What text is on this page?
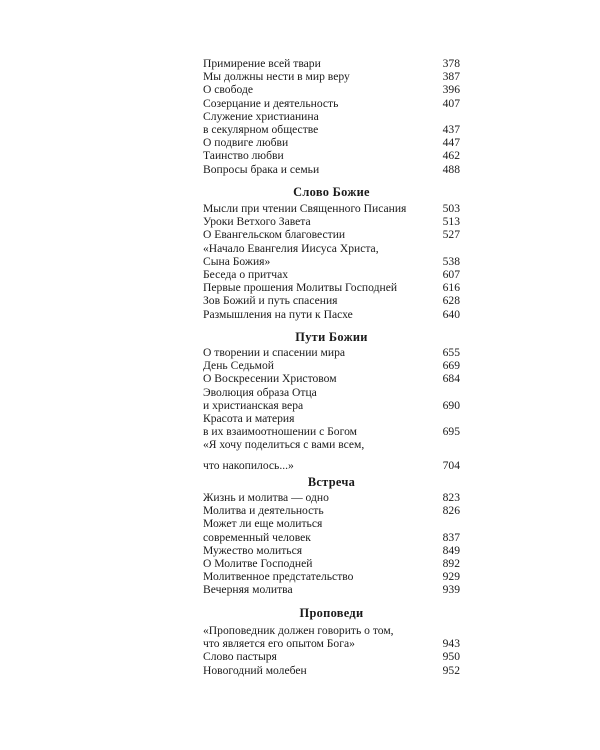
Примирение всей твари	378
Мы должны нести в мир веру	387
О свободе	396
Созерцание и деятельность	407
Служение христианина
в секулярном обществе	437
О подвиге любви	447
Таинство любви	462
Вопросы брака и семьи	488
Слово Божие
Мысли при чтении Священного Писания	503
Уроки Ветхого Завета	513
О Евангельском благовестии	527
«Начало Евангелия Иисуса Христа,
Сына Божия»	538
Беседа о притчах	607
Первые прошения Молитвы Господней	616
Зов Божий и путь спасения	628
Размышления на пути к Пасхе	640
Пути Божии
О творении и спасении мира	655
День Седьмой	669
О Воскресении Христовом	684
Эволюция образа Отца
и христианская вера	690
Красота и материя
в их взаимоотношении с Богом	695
«Я хочу поделиться с вами всем,
что накопилось...»	704
Встреча
Жизнь и молитва — одно	823
Молитва и деятельность	826
Может ли еще молиться
современный человек	837
Мужество молиться	849
О Молитве Господней	892
Молитвенное предстательство	929
Вечерняя молитва	939
Проповеди
«Проповедник должен говорить о том,
что является его опытом Бога»	943
Слово пастыря	950
Новогодний молебен	952
